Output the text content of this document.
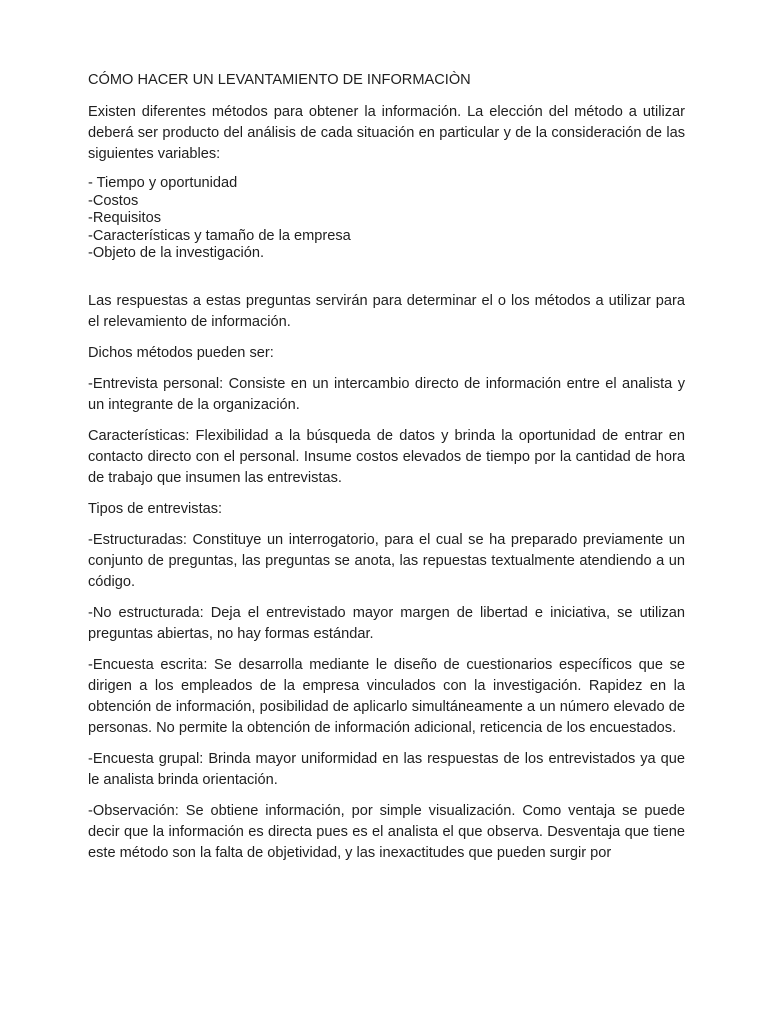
CÓMO HACER UN LEVANTAMIENTO DE INFORMACIÒN

Existen diferentes métodos para obtener la información. La elección del método a utilizar deberá ser producto del análisis de cada situación en particular y de la consideración de las siguientes variables:

- Tiempo y oportunidad
-Costos
-Requisitos
-Características y tamaño de la empresa
-Objeto de la investigación.

Las respuestas a estas preguntas servirán para determinar el o los métodos a utilizar para el relevamiento de información.

Dichos métodos pueden ser:

-Entrevista personal: Consiste en un intercambio directo de información entre el analista y un integrante de la organización.

Características: Flexibilidad a la búsqueda de datos y brinda la oportunidad de entrar en contacto directo con el personal. Insume costos elevados de tiempo por la cantidad de hora de trabajo que insumen las entrevistas.

Tipos de entrevistas:

-Estructuradas: Constituye un interrogatorio, para el cual se ha preparado previamente un conjunto de preguntas, las preguntas se anota, las repuestas textualmente atendiendo a un código.

-No estructurada: Deja el entrevistado mayor margen de libertad e iniciativa, se utilizan preguntas abiertas, no hay formas estándar.

-Encuesta escrita: Se desarrolla mediante le diseño de cuestionarios específicos que se dirigen a los empleados de la empresa vinculados con la investigación. Rapidez en la obtención de información, posibilidad de aplicarlo simultáneamente a un número elevado de personas. No permite la obtención de información adicional, reticencia de los encuestados.

-Encuesta grupal: Brinda mayor uniformidad en las respuestas de los entrevistados ya que le analista brinda orientación.

-Observación: Se obtiene información, por simple visualización. Como ventaja se puede decir que la información es directa pues es el analista el que observa. Desventaja que tiene este método son la falta de objetividad, y las inexactitudes que pueden surgir por
